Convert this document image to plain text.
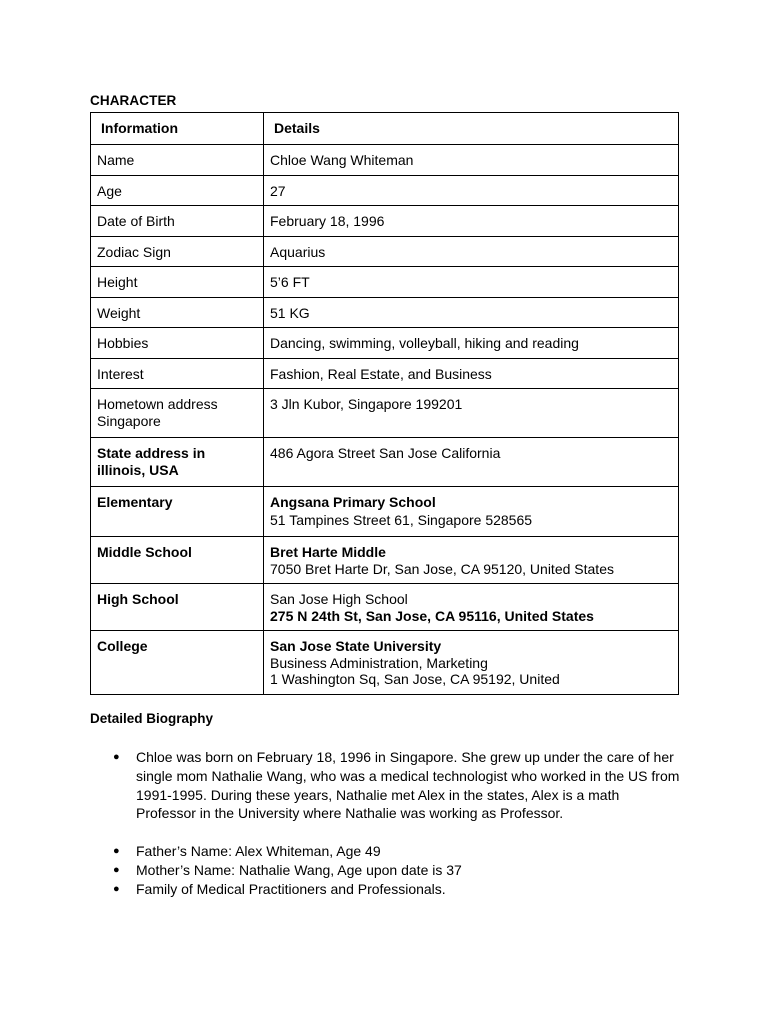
CHARACTER
Information	Details
Name	Chloe Wang Whiteman

Age	27

Date of Birth	February 18, 1996

Zodiac Sign	Aquarius

Height	5’6 FT

Weight	51 KG

Hobbies	Dancing, swimming, volleyball, hiking and reading

Interest	Fashion, Real Estate, and Business

Hometown address
Singapore	3 Jln Kubor, Singapore 199201

State address in
illinois, USA	486 Agora Street San Jose California

Elementary	Angsana Primary School
51 Tampines Street 61, Singapore 528565

Middle School	Bret Harte Middle
7050 Bret Harte Dr, San Jose, CA 95120, United States

High School	San Jose High School
275 N 24th St, San Jose, CA 95116, United States

College	San Jose State University
Business Administration, Marketing
1 Washington Sq, San Jose, CA 95192, United
Detailed Biography
● Chloe was born on February 18, 1996 in Singapore. She grew up under the care of her single mom Nathalie Wang, who was a medical technologist who worked in the US from 1991-1995. During these years, Nathalie met Alex in the states, Alex is a math Professor in the University where Nathalie was working as Professor.
● Father’s Name: Alex Whiteman, Age 49
● Mother’s Name: Nathalie Wang, Age upon date is 37
● Family of Medical Practitioners and Professionals.
